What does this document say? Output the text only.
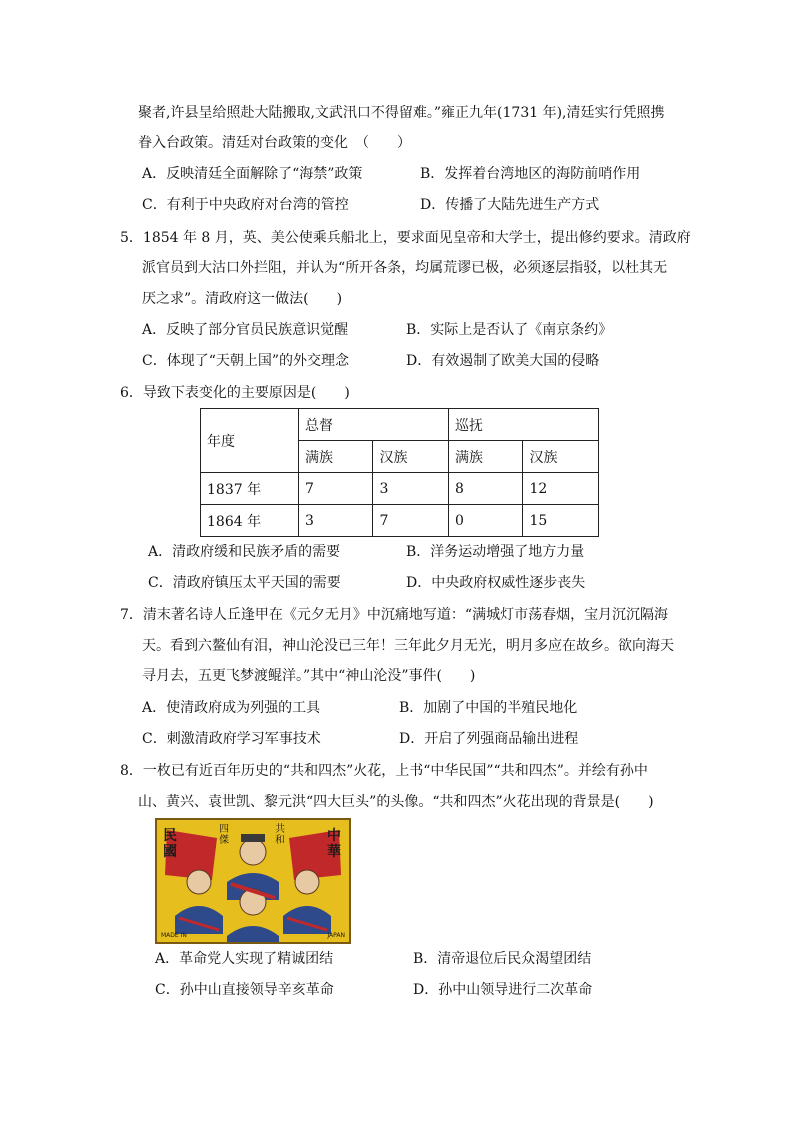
聚者,许县呈给照赴大陆搬取,文武汛口不得留难。”雍正九年(1731 年),清廷实行凭照携
眷入台政策。清廷对台政策的变化　（　　）
A．反映清廷全面解除了“海禁”政策	B．发挥着台湾地区的海防前哨作用
C．有利于中央政府对台湾的管控	D．传播了大陆先进生产方式
5．1854 年 8 月，英、美公使乘兵船北上，要求面见皇帝和大学士，提出修约要求。清政府
派官员到大沽口外拦阻，并认为“所开各条，均属荒谬已极，必须逐层指驳，以杜其无
厌之求”。清政府这一做法(　　)
A．反映了部分官员民族意识觉醒	B．实际上是否认了《南京条约》
C．体现了“天朝上国”的外交理念	D．有效遏制了欧美大国的侵略
6．导致下表变化的主要原因是(　　)
年度	总督		巡抚	
	满族	汉族	满族	汉族
1837 年	7	3	8	12
1864 年	3	7	0	15
A．清政府缓和民族矛盾的需要	B．洋务运动增强了地方力量
C．清政府镇压太平天国的需要	D．中央政府权威性逐步丧失
7．清末著名诗人丘逢甲在《元夕无月》中沉痛地写道：“满城灯市荡春烟，宝月沉沉隔海
天。看到六鳌仙有泪，神山沦没已三年！三年此夕月无光，明月多应在故乡。欲向海天
寻月去，五更飞梦渡鲲洋。”其中“神山沦没”事件(　　)
A．使清政府成为列强的工具	B．加剧了中国的半殖民地化
C．刺激清政府学习军事技术	D．开启了列强商品输出进程
8．一枚已有近百年历史的“共和四杰”火花，上书“中华民国”“共和四杰”。并绘有孙中
山、黄兴、袁世凯、黎元洪“四大巨头”的头像。“共和四杰”火花出现的背景是(　　)
民國
中華
四傑
共和
MADE IN	JAPAN
A．革命党人实现了精诚团结	B．清帝退位后民众渴望团结
C．孙中山直接领导辛亥革命	D．孙中山领导进行二次革命
